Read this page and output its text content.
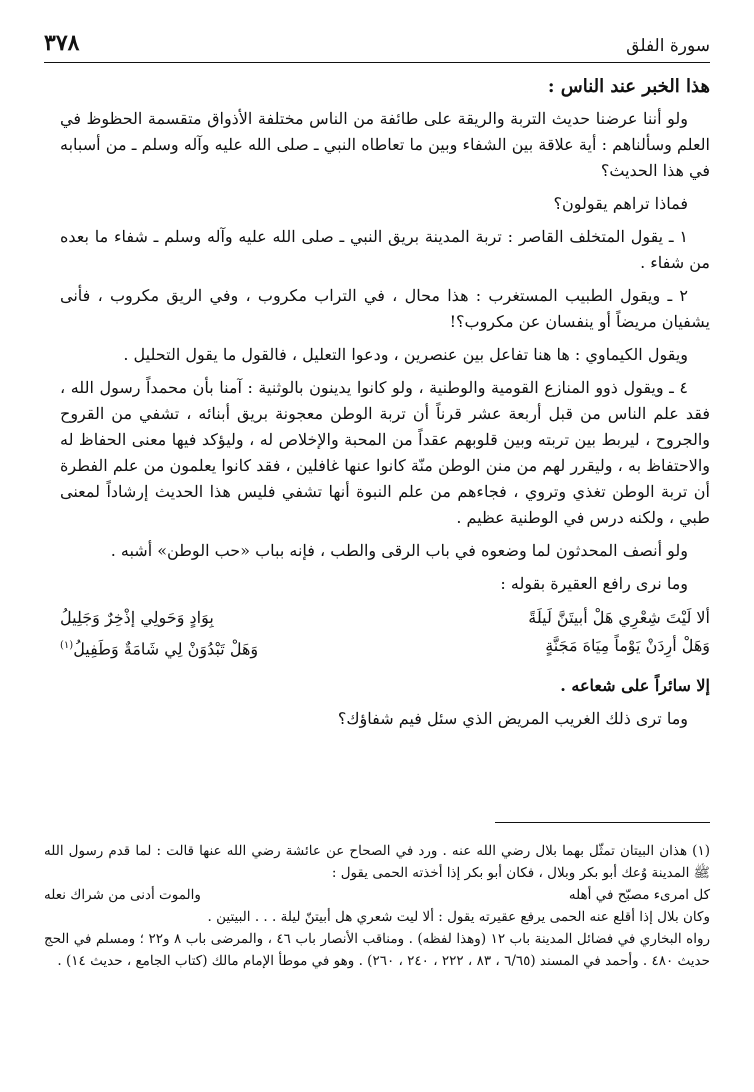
سورة الفلق
٣٧٨

هذا الخبر عند الناس :

ولو أننا عرضنا حديث التربة والريقة على طائفة من الناس مختلفة الأذواق متقسمة الحظوظ في العلم وسألناهم : أية علاقة بين الشفاء وبين ما تعاطاه النبي ـ صلى الله عليه وآله وسلم ـ من أسبابه في هذا الحديث؟

فماذا تراهم يقولون؟

١ ـ يقول المتخلف القاصر : تربة المدينة بريق النبي ـ صلى الله عليه وآله وسلم ـ شفاء ما بعده من شفاء .

٢ ـ ويقول الطبيب المستغرب : هذا محال ، في التراب مكروب ، وفي الريق مكروب ، فأنى يشفيان مريضاً أو ينفسان عن مكروب؟!

ويقول الكيماوي : ها هنا تفاعل بين عنصرين ، ودعوا التعليل ، فالقول ما يقول التحليل .

٤ ـ ويقول ذوو المنازع القومية والوطنية ، ولو كانوا يدينون بالوثنية : آمنا بأن محمداً رسول الله ، فقد علم الناس من قبل أربعة عشر قرناً أن تربة الوطن معجونة بريق أبنائه ، تشفي من القروح والجروح ، ليربط بين تربته وبين قلوبهم عقداً من المحبة والإخلاص له ، وليؤكد فيها معنى الحفاظ له والاحتفاظ به ، وليقرر لهم من منن الوطن منّة كانوا عنها غافلين ، فقد كانوا يعلمون من علم الفطرة أن تربة الوطن تغذي وتروي ، فجاءهم من علم النبوة أنها تشفي فليس هذا الحديث إرشاداً لمعنى طبي ، ولكنه درس في الوطنية عظيم .

ولو أنصف المحدثون لما وضعوه في باب الرقى والطب ، فإنه بباب «حب الوطن» أشبه .

وما نرى رافع العقيرة بقوله :

ألا لَيْتَ شِعْرِي هَلْ أبيتَنَّ لَيلَةً
بِوَادٍ وَحَولِي إذْخِرٌ وَجَلِيلُ
وَهَلْ أرِدَنْ يَوْماً مِيَاهَ مَجَنَّةٍ
وَهَلْ تَبْدُوَنْ لِي شَامَةٌ وَطَفِيلُ$^{(١)}$

إلا سائراً على شعاعه .

وما ترى ذلك الغريب المريض الذي سئل فيم شفاؤك؟

(١) هذان البيتان تمثّل بهما بلال رضي الله عنه . ورد في الصحاح عن عائشة رضي الله عنها قالت : لما قدم رسول الله ﷺ المدينة وُعك أبو بكر وبلال ، فكان أبو بكر إذا أخذته الحمى يقول :

كل امرىء مصبّح في أهله
والموت أدنى من شراك نعله

وكان بلال إذا أقلع عنه الحمى يرفع عقيرته يقول : ألا ليت شعري هل أبيتنّ ليلة . . . البيتين .

رواه البخاري في فضائل المدينة باب ١٢ (وهذا لفظه) . ومناقب الأنصار باب ٤٦ ، والمرضى باب ٨ و٢٢ ؛ ومسلم في الحج حديث ٤٨٠ . وأحمد في المسند (٦/٦٥ ، ٨٣ ، ٢٢٢ ، ٢٤٠ ، ٢٦٠) . وهو في موطأ الإمام مالك (كتاب الجامع ، حديث ١٤) .
